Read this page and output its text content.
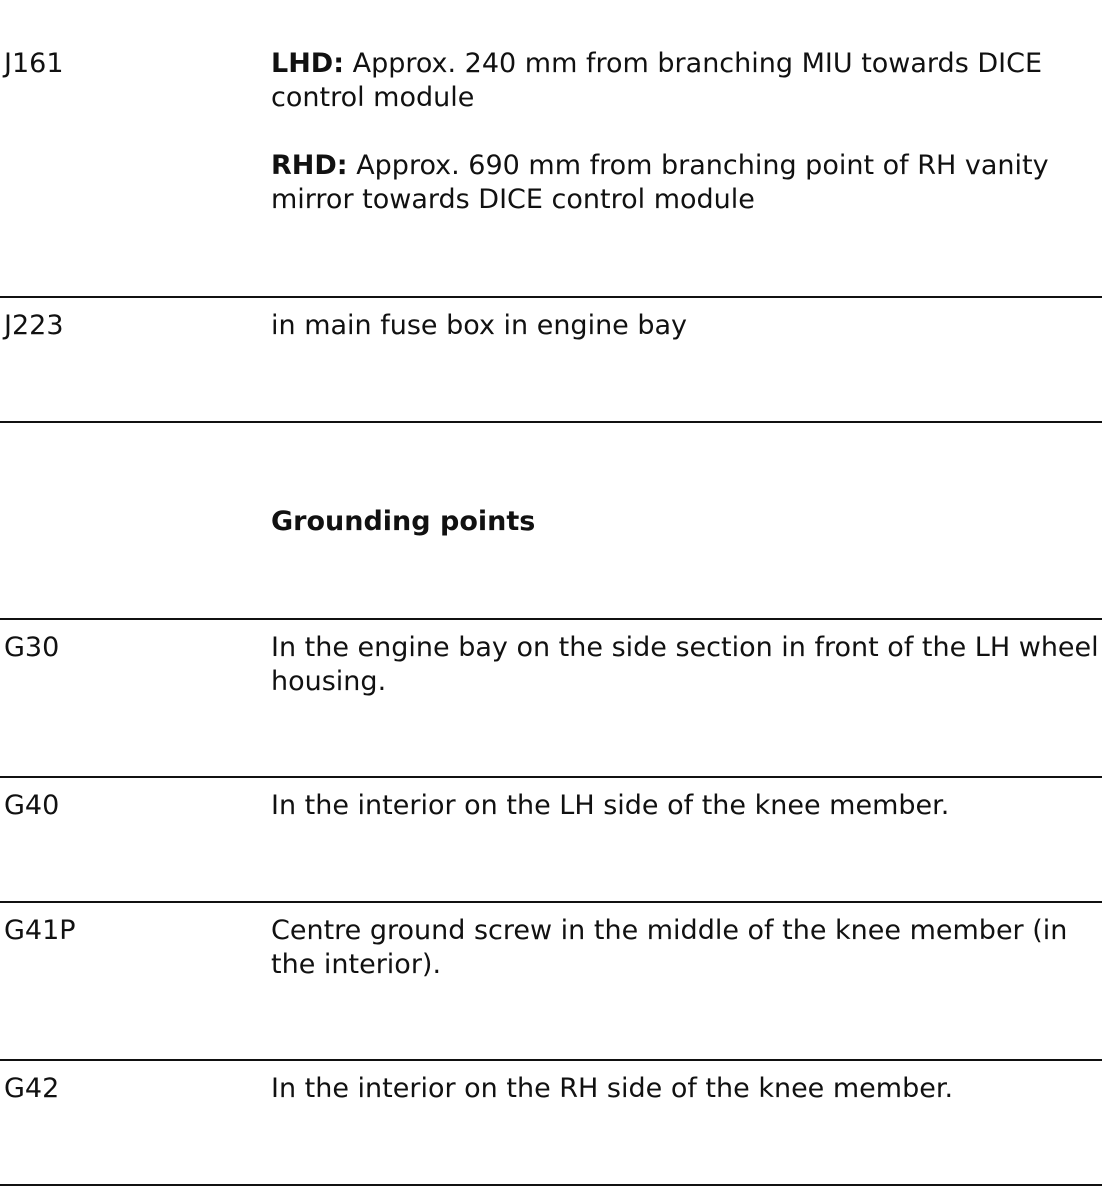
J161	LHD: Approx. 240 mm from branching MIU towards DICE control module
RHD: Approx. 690 mm from branching point of RH vanity mirror towards DICE control module
J223	in main fuse box in engine bay
Grounding points
G30	In the engine bay on the side section in front of the LH wheel housing.
G40	In the interior on the LH side of the knee member.
G41P	Centre ground screw in the middle of the knee member (in the interior).
G42	In the interior on the RH side of the knee member.
